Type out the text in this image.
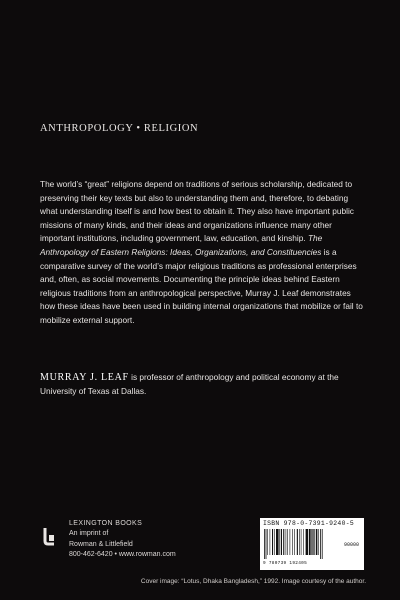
ANTHROPOLOGY • RELIGION
The world’s “great” religions depend on traditions of serious scholarship, dedicated to preserving their key texts but also to understanding them and, therefore, to debating what understanding itself is and how best to obtain it. They also have important public missions of many kinds, and their ideas and organizations influence many other important institutions, including government, law, education, and kinship. The Anthropology of Eastern Religions: Ideas, Organizations, and Constituencies is a comparative survey of the world’s major religious traditions as professional enterprises and, often, as social movements. Documenting the principle ideas behind Eastern religious traditions from an anthropological perspective, Murray J. Leaf demonstrates how these ideas have been used in building internal organizations that mobilize or fail to mobilize external support.
MURRAY J. LEAF is professor of anthropology and political economy at the University of Texas at Dallas.
LEXINGTON BOOKS
An imprint of
Rowman & Littlefield
800-462-6420 • www.rowman.com
ISBN 978-0-7391-9240-5
90000
9 780739 192405
Cover image: “Lotus, Dhaka Bangladesh,” 1992. Image courtesy of the author.
